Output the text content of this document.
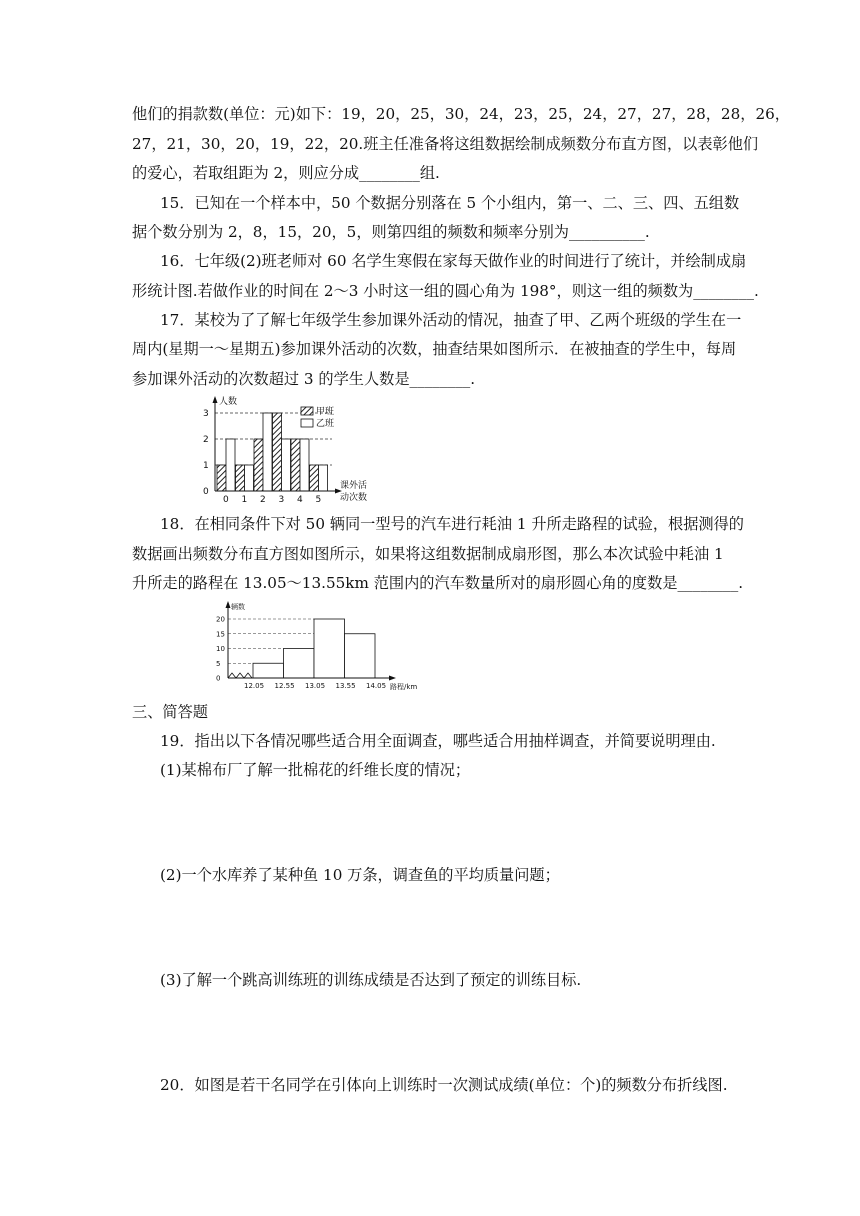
他们的捐款数(单位：元)如下：19，20，25，30，24，23，25，24，27，27，28，28，26，
27，21，30，20，19，22，20.班主任准备将这组数据绘制成频数分布直方图，以表彰他们
的爱心，若取组距为 2，则应分成________组.
15．已知在一个样本中，50 个数据分别落在 5 个小组内，第一、二、三、四、五组数
据个数分别为 2，8，15，20，5，则第四组的频数和频率分别为__________.
16．七年级(2)班老师对 60 名学生寒假在家每天做作业的时间进行了统计，并绘制成扇
形统计图.若做作业的时间在 2～3 小时这一组的圆心角为 198°，则这一组的频数为________.
17．某校为了了解七年级学生参加课外活动的情况，抽查了甲、乙两个班级的学生在一
周内(星期一～星期五)参加课外活动的次数，抽查结果如图所示．在被抽查的学生中，每周
参加课外活动的次数超过 3 的学生人数是________.
人数
课外活
动次数
0
1
2
3
0 1 2 3 4 5
甲班
乙班
18．在相同条件下对 50 辆同一型号的汽车进行耗油 1 升所走路程的试验，根据测得的
数据画出频数分布直方图如图所示，如果将这组数据制成扇形图，那么本次试验中耗油 1
升所走的路程在 13.05～13.55km 范围内的汽车数量所对的扇形圆心角的度数是________.
辆数
路程/km
0
5
10
15
20
12.05 12.55 13.05 13.55 14.05
三、简答题
19．指出以下各情况哪些适合用全面调查，哪些适合用抽样调查，并简要说明理由.
(1)某棉布厂了解一批棉花的纤维长度的情况；
(2)一个水库养了某种鱼 10 万条，调查鱼的平均质量问题；
(3)了解一个跳高训练班的训练成绩是否达到了预定的训练目标.
20．如图是若干名同学在引体向上训练时一次测试成绩(单位：个)的频数分布折线图.
